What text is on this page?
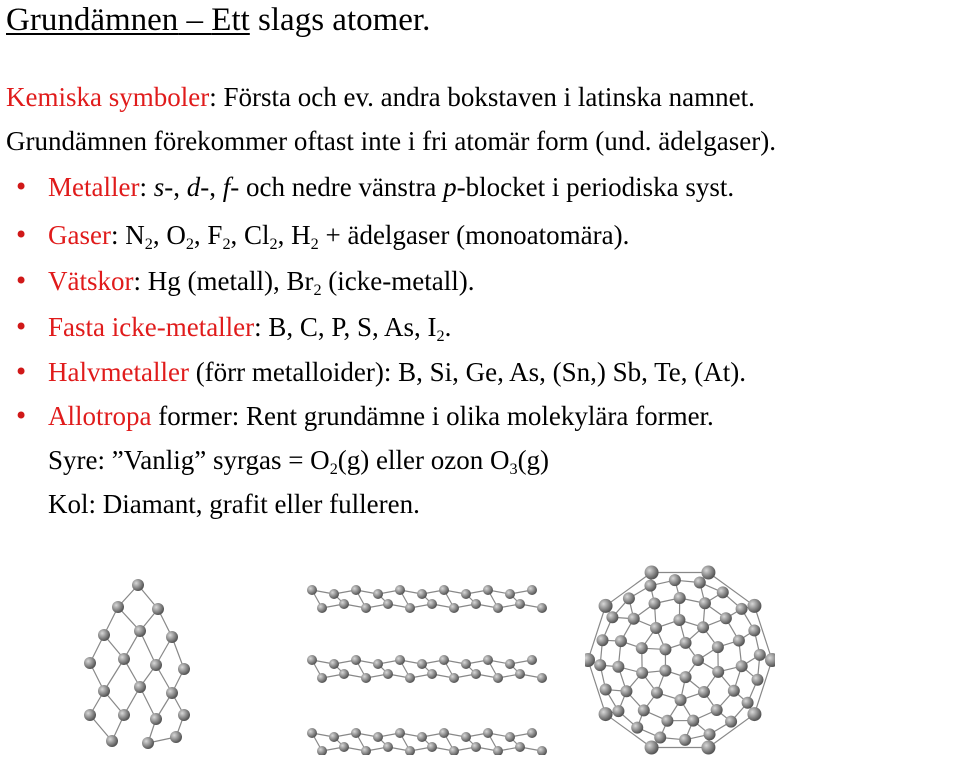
Grundämnen – Ett slags atomer.
Kemiska symboler: Första och ev. andra bokstaven i latinska namnet.
Grundämnen förekommer oftast inte i fri atomär form (und. ädelgaser).
• Metaller: s-, d-, f- och nedre vänstra p-blocket i periodiska syst.
• Gaser: $N_2$, $O_2$, $F_2$, $Cl_2$, $H_2$ + ädelgaser (monoatomära).
• Vätskor: Hg (metall), $Br_2$ (icke-metall).
• Fasta icke-metaller: B, C, P, S, As, $I_2$.
• Halvmetaller (förr metalloider): B, Si, Ge, As, (Sn,) Sb, Te, (At).
• Allotropa former: Rent grundämne i olika molekylära former.
Syre: ”Vanlig” syrgas = $O_2(g)$ eller ozon $O_3(g)$
Kol: Diamant, grafit eller fulleren.
